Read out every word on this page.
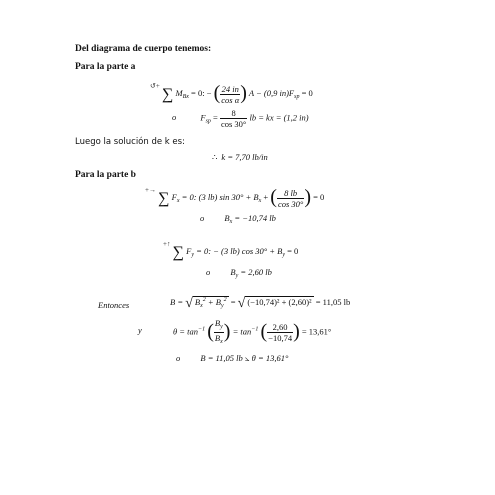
Del diagrama de cuerpo tenemos:
Para la parte a
↺+ ∑ $M_{Bx} = 0$: − ( $\frac{24 in}{\text{cos α}}$ ) A − (0,9 $in)F_{sp} = 0$
o	$F_{sp} = \frac{8}{\cos 30^\circ}$ lb = kx = (1,2 in)
Luego la solución de k es:
∴ k = 7,70 lb/in
Para la parte b
+→ ∑ $F_x = 0$: (3 lb) $\sin 30^\circ + B_x$ + ( $\frac{8 lb}{\cos 30^\circ}$ ) = 0
o $B_x = -10,74$ lb
+↑ ∑ $F_y = 0$: − (3 lb) $\cos 30^\circ + B_y = 0$
o $B_y = 2,60$ lb
Entonces	B = √ $B_x^2 + B_y^2$ = √ (−10,74)² + (2,60)² = 11,05 lb
y	$\theta = \tan^{-1}$ ( $\frac{B_y}{B_x}$ ) = $\tan^{-1}$ ( $\frac{2,60}{-10,74}$ ) = 13,61°
o B = 11,05 lb ⦣ θ = 13,61°
